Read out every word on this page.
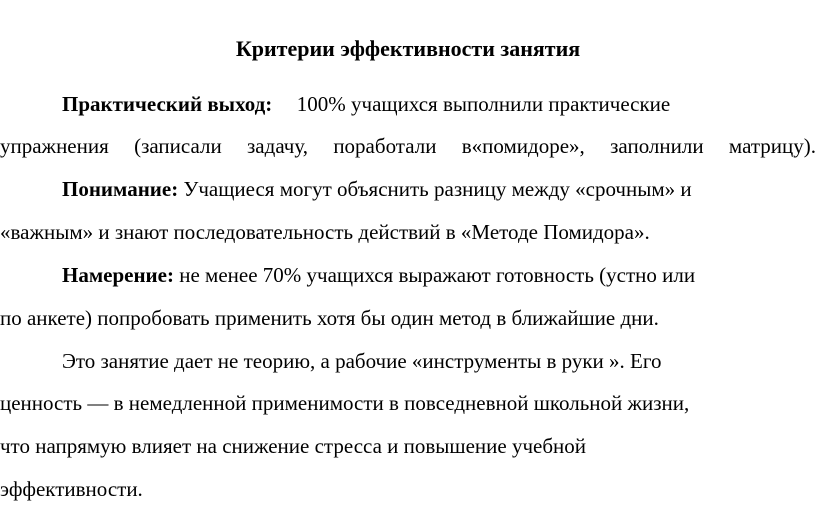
Критерии эффективности занятия
Практический выход: 100% учащихся выполнили практические
упражнения (записали задачу, поработали в«помидоре», заполнили матрицу).
Понимание: Учащиеся могут объяснить разницу между «срочным» и
«важным» и знают последовательность действий в «Методе Помидора».
Намерение: не менее 70% учащихся выражают готовность (устно или
по анкете) попробовать применить хотя бы один метод в ближайшие дни.
Это занятие дает не теорию, а рабочие «инструменты в руки ». Его
ценность — в немедленной применимости в повседневной школьной жизни,
что напрямую влияет на снижение стресса и повышение учебной
эффективности.
